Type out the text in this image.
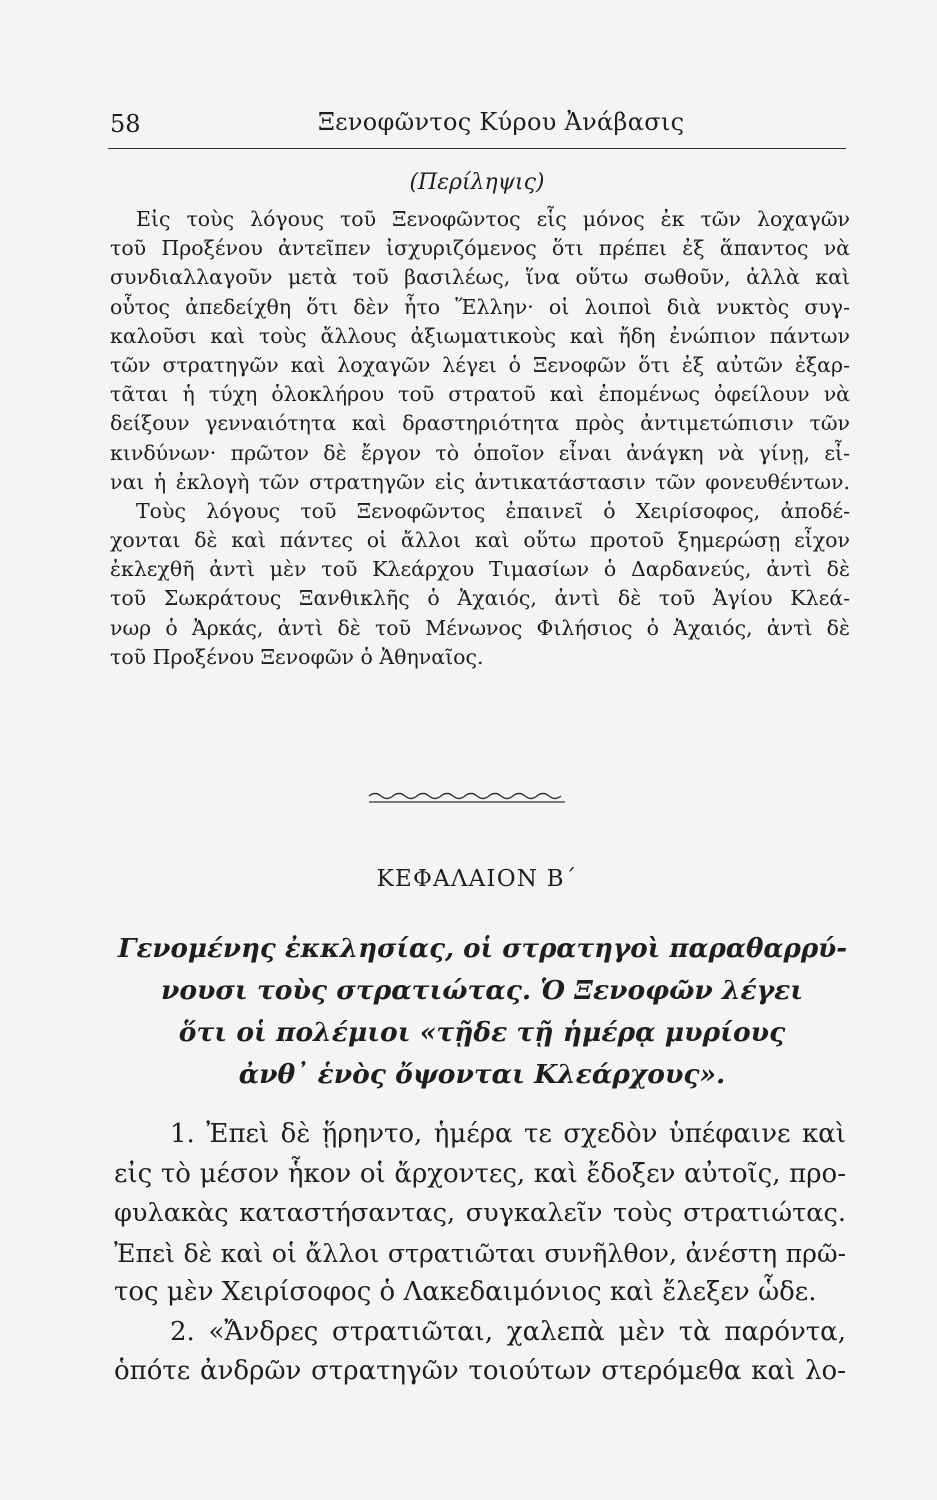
58	Ξενοφῶντος Κύρου Ἀνάβασις
(Περίληψις)
Εἰς τοὺς λόγους τοῦ Ξενοφῶντος εἷς μόνος ἐκ τῶν λοχαγῶν
τοῦ Προξένου ἀντεῖπεν ἰσχυριζόμενος ὅτι πρέπει ἐξ ἅπαντος νὰ
συνδιαλλαγοῦν μετὰ τοῦ βασιλέως, ἵνα οὕτω σωθοῦν, ἀλλὰ καὶ
οὗτος ἀπεδείχθη ὅτι δὲν ἦτο Ἕλλην· οἱ λοιποὶ διὰ νυκτὸς συγ-
καλοῦσι καὶ τοὺς ἄλλους ἀξιωματικοὺς καὶ ἤδη ἐνώπιον πάντων
τῶν στρατηγῶν καὶ λοχαγῶν λέγει ὁ Ξενοφῶν ὅτι ἐξ αὐτῶν ἐξαρ-
τᾶται ἡ τύχη ὁλοκλήρου τοῦ στρατοῦ καὶ ἑπομένως ὀφείλουν νὰ
δείξουν γενναιότητα καὶ δραστηριότητα πρὸς ἀντιμετώπισιν τῶν
κινδύνων· πρῶτον δὲ ἔργον τὸ ὁποῖον εἶναι ἀνάγκη νὰ γίνῃ, εἶ-
ναι ἡ ἐκλογὴ τῶν στρατηγῶν εἰς ἀντικατάστασιν τῶν φονευθέντων.
Τοὺς λόγους τοῦ Ξενοφῶντος ἐπαινεῖ ὁ Χειρίσοφος, ἀποδέ-
χονται δὲ καὶ πάντες οἱ ἄλλοι καὶ οὕτω προτοῦ ξημερώσῃ εἶχον
ἐκλεχθῆ ἀντὶ μὲν τοῦ Κλεάρχου Τιμασίων ὁ Δαρδανεύς, ἀντὶ δὲ
τοῦ Σωκράτους Ξανθικλῆς ὁ Ἀχαιός, ἀντὶ δὲ τοῦ Ἀγίου Κλεά-
νωρ ὁ Ἀρκάς, ἀντὶ δὲ τοῦ Μένωνος Φιλήσιος ὁ Ἀχαιός, ἀντὶ δὲ
τοῦ Προξένου Ξενοφῶν ὁ Ἀθηναῖος.
ΚΕΦΑΛΑΙΟΝ Β΄
Γενομένης ἐκκλησίας, οἱ στρατηγοὶ παραθαρρύ-
νουσι τοὺς στρατιώτας. Ὁ Ξενοφῶν λέγει
ὅτι οἱ πολέμιοι «τῇδε τῇ ἡμέρᾳ μυρίους
ἀνθ᾽ ἑνὸς ὄψονται Κλεάρχους».
1. Ἐπεὶ δὲ ᾕρηντο, ἡμέρα τε σχεδὸν ὑπέφαινε καὶ
εἰς τὸ μέσον ἧκον οἱ ἄρχοντες, καὶ ἔδοξεν αὐτοῖς, προ-
φυλακὰς καταστήσαντας, συγκαλεῖν τοὺς στρατιώτας.
Ἐπεὶ δὲ καὶ οἱ ἄλλοι στρατιῶται συνῆλθον, ἀνέστη πρῶ-
τος μὲν Χειρίσοφος ὁ Λακεδαιμόνιος καὶ ἔλεξεν ὧδε.
2. «Ἄνδρες στρατιῶται, χαλεπὰ μὲν τὰ παρόντα,
ὁπότε ἀνδρῶν στρατηγῶν τοιούτων στερόμεθα καὶ λο-
